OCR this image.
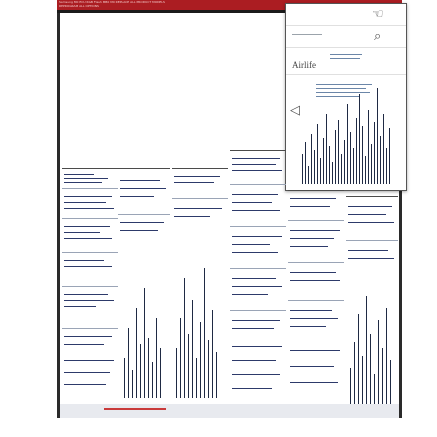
Samsung M0 ECU RGB Flash MB0 M0 REPLACE ALL PRODUCT MODELS
REPROGRAM ALL OPTIONS
☜
⌕
Airlife
◁
